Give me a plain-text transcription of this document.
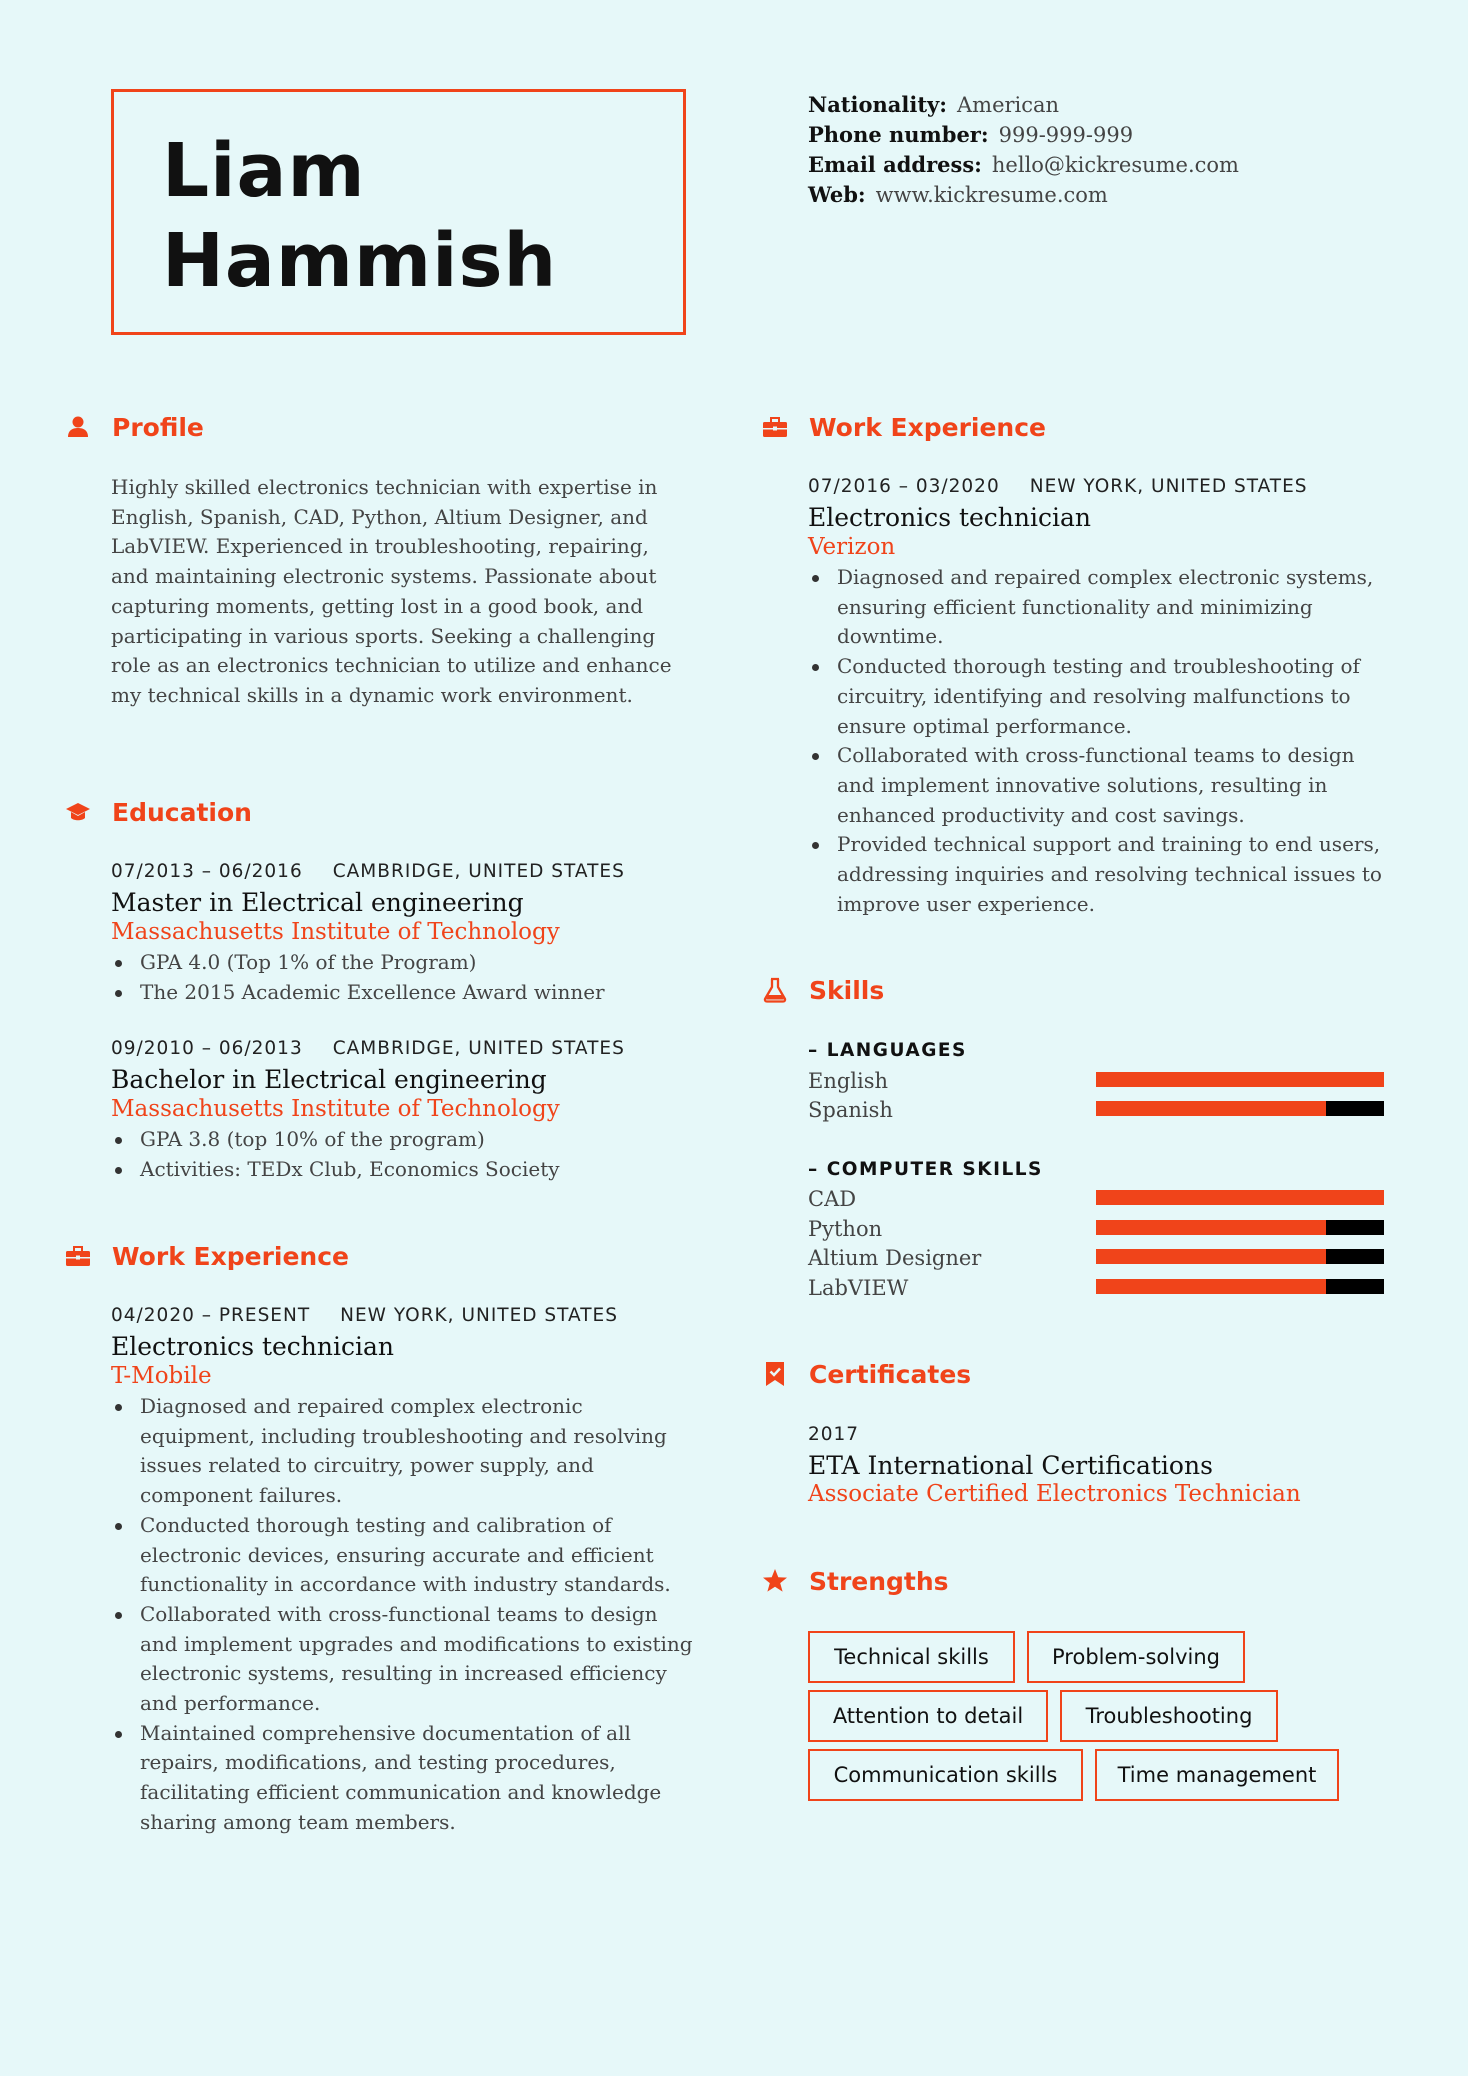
Liam
Hammish
Nationality: American
Phone number: 999-999-999
Email address: hello@kickresume.com
Web: www.kickresume.com
Profile
Highly skilled electronics technician with expertise in English, Spanish, CAD, Python, Altium Designer, and LabVIEW. Experienced in troubleshooting, repairing, and maintaining electronic systems. Passionate about capturing moments, getting lost in a good book, and participating in various sports. Seeking a challenging role as an electronics technician to utilize and enhance my technical skills in a dynamic work environment.
Education
07/2013 – 06/2016 CAMBRIDGE, UNITED STATES
Master in Electrical engineering
Massachusetts Institute of Technology
GPA 4.0 (Top 1% of the Program)
The 2015 Academic Excellence Award winner
09/2010 – 06/2013 CAMBRIDGE, UNITED STATES
Bachelor in Electrical engineering
Massachusetts Institute of Technology
GPA 3.8 (top 10% of the program)
Activities: TEDx Club, Economics Society
Work Experience
04/2020 – PRESENT NEW YORK, UNITED STATES
Electronics technician
T-Mobile
Diagnosed and repaired complex electronic equipment, including troubleshooting and resolving issues related to circuitry, power supply, and component failures.
Conducted thorough testing and calibration of electronic devices, ensuring accurate and efficient functionality in accordance with industry standards.
Collaborated with cross-functional teams to design and implement upgrades and modifications to existing electronic systems, resulting in increased efficiency and performance.
Maintained comprehensive documentation of all repairs, modifications, and testing procedures, facilitating efficient communication and knowledge sharing among team members.
Work Experience
07/2016 – 03/2020 NEW YORK, UNITED STATES
Electronics technician
Verizon
Diagnosed and repaired complex electronic systems, ensuring efficient functionality and minimizing downtime.
Conducted thorough testing and troubleshooting of circuitry, identifying and resolving malfunctions to ensure optimal performance.
Collaborated with cross-functional teams to design and implement innovative solutions, resulting in enhanced productivity and cost savings.
Provided technical support and training to end users, addressing inquiries and resolving technical issues to improve user experience.
Skills
– LANGUAGES
English
Spanish
– COMPUTER SKILLS
CAD
Python
Altium Designer
LabVIEW
Certificates
2017
ETA International Certifications
Associate Certified Electronics Technician
Strengths
Technical skills	Problem-solving
Attention to detail	Troubleshooting
Communication skills	Time management
